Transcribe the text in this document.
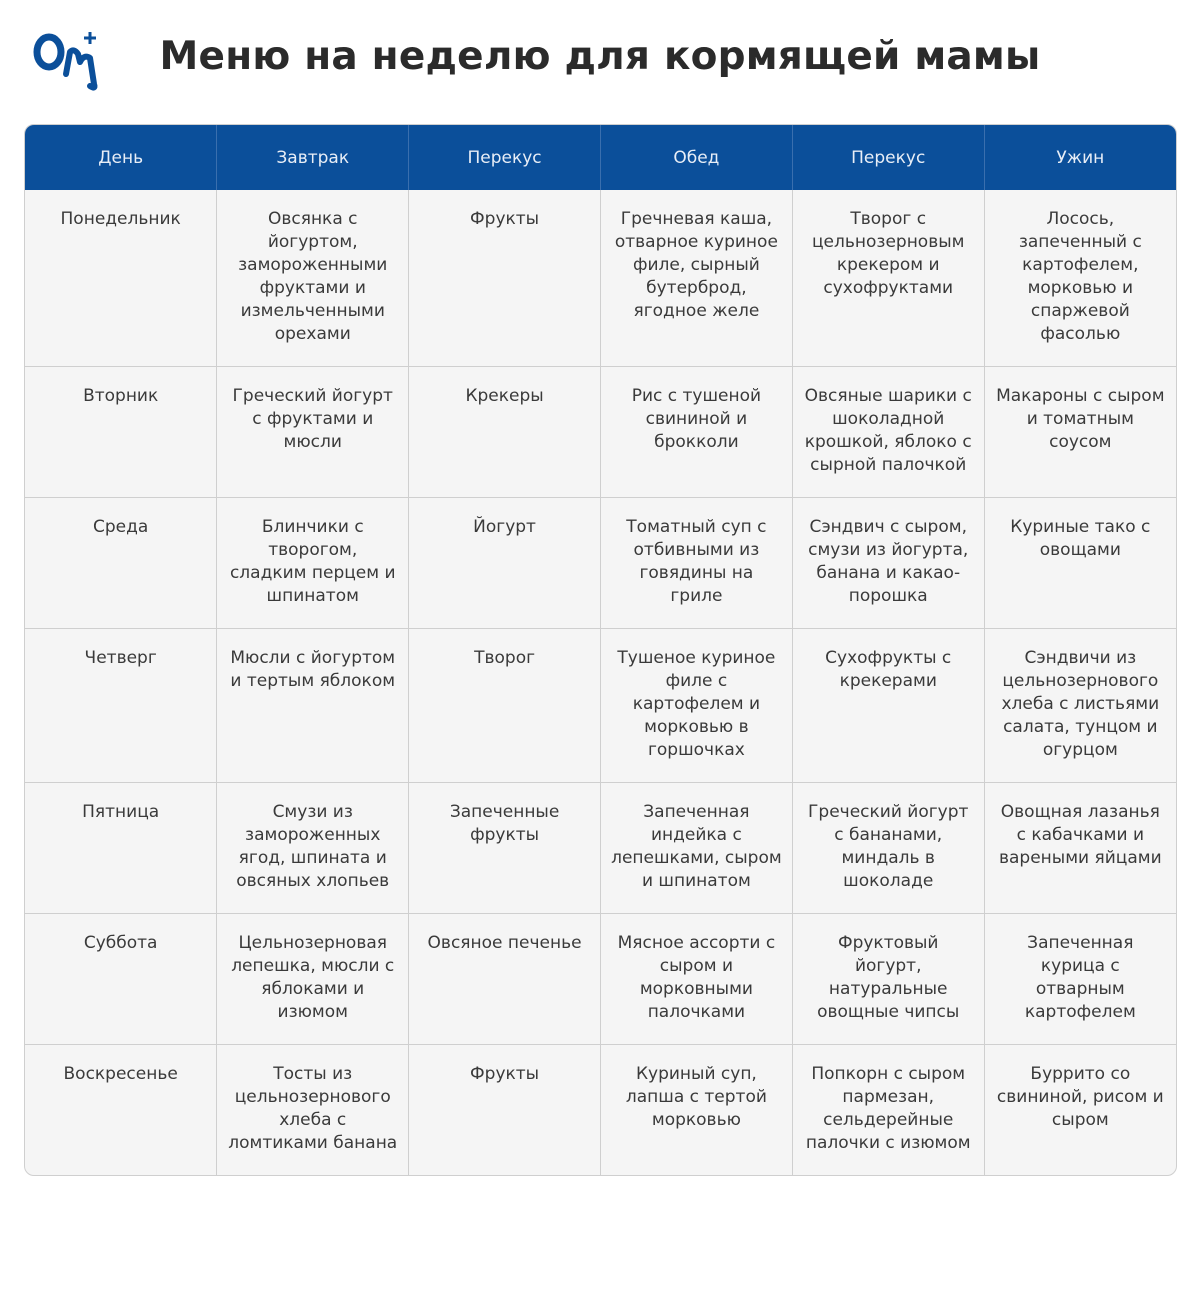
Меню на неделю для кормящей мамы
День	Завтрак	Перекус	Обед	Перекус	Ужин
Понедельник	Овсянка с йогуртом, замороженными фруктами и измельченными орехами	Фрукты	Гречневая каша, отварное куриное филе, сырный бутерброд, ягодное желе	Творог с цельнозерновым крекером и сухофруктами	Лосось, запеченный с картофелем, морковью и спаржевой фасолью
Вторник	Греческий йогурт с фруктами и мюсли	Крекеры	Рис с тушеной свининой и брокколи	Овсяные шарики с шоколадной крошкой, яблоко с сырной палочкой	Макароны с сыром и томатным соусом
Среда	Блинчики с творогом, сладким перцем и шпинатом	Йогурт	Томатный суп с отбивными из говядины на гриле	Сэндвич с сыром, смузи из йогурта, банана и какао-порошка	Куриные тако с овощами
Четверг	Мюсли с йогуртом и тертым яблоком	Творог	Тушеное куриное филе с картофелем и морковью в горшочках	Сухофрукты с крекерами	Сэндвичи из цельнозернового хлеба с листьями салата, тунцом и огурцом
Пятница	Смузи из замороженных ягод, шпината и овсяных хлопьев	Запеченные фрукты	Запеченная индейка с лепешками, сыром и шпинатом	Греческий йогурт с бананами, миндаль в шоколаде	Овощная лазанья с кабачками и вареными яйцами
Суббота	Цельнозерновая лепешка, мюсли с яблоками и изюмом	Овсяное печенье	Мясное ассорти с сыром и морковными палочками	Фруктовый йогурт, натуральные овощные чипсы	Запеченная курица с отварным картофелем
Воскресенье	Тосты из цельнозернового хлеба с ломтиками банана	Фрукты	Куриный суп, лапша с тертой морковью	Попкорн с сыром пармезан, сельдерейные палочки с изюмом	Буррито со свининой, рисом и сыром
